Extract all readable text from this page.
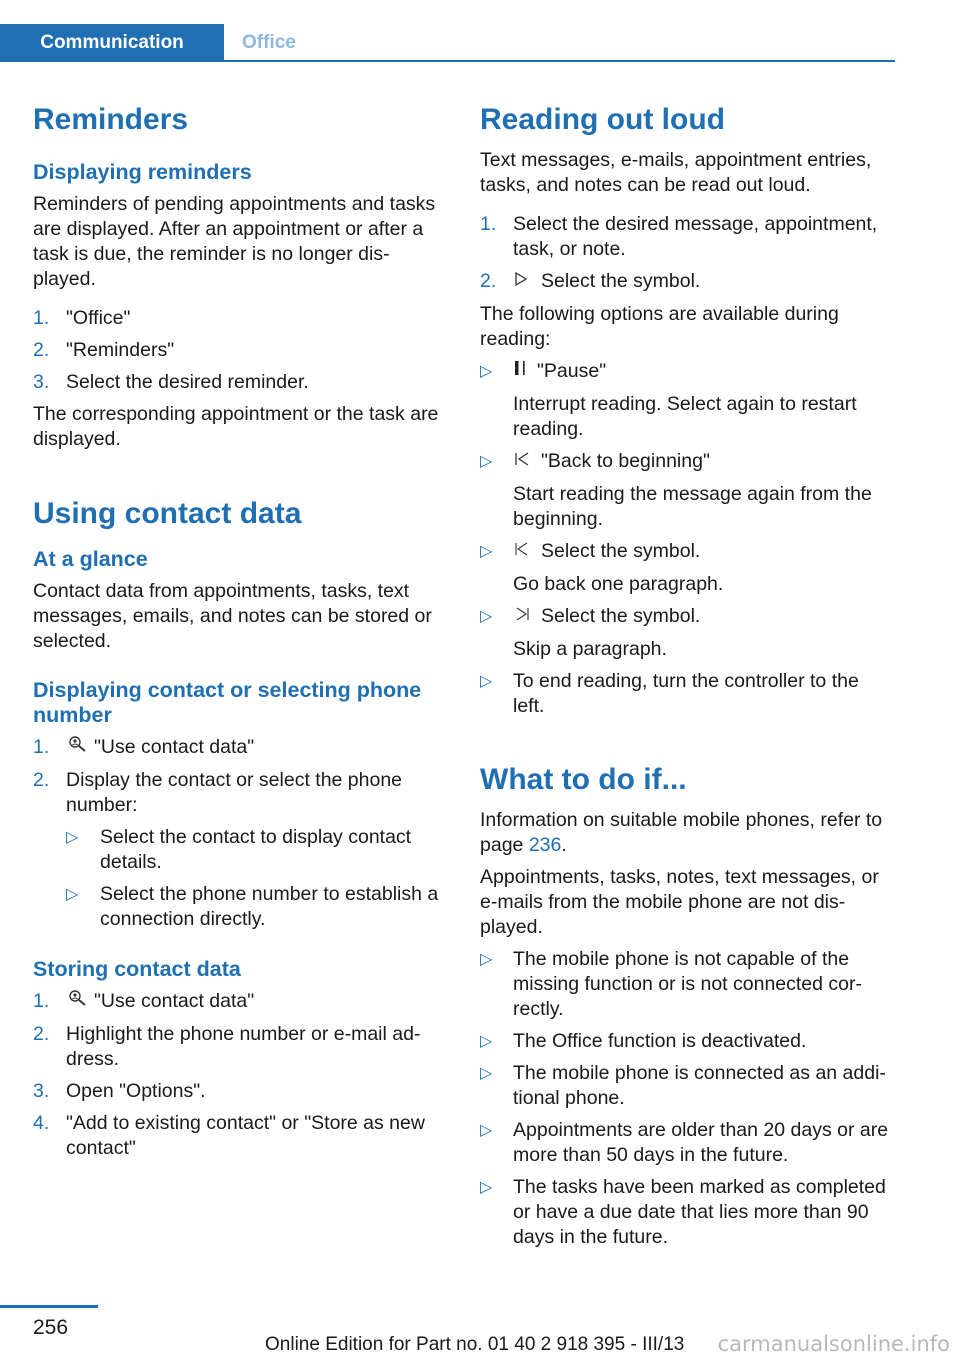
Communication	Office
Reminders
Displaying reminders

Reminders of pending appointments and tasks are displayed. After an appointment or after a task is due, the reminder is no longer dis‐played.

1. "Office"
2. "Reminders"
3. Select the desired reminder.

The corresponding appointment or the task are displayed.

Using contact data
At a glance

Contact data from appointments, tasks, text messages, emails, and notes can be stored or selected.

Displaying contact or selecting phone number
1.	"Use contact data"
2. Display the contact or select the phone number:
▷	Select the contact to display contact details.
▷	Select the phone number to establish a connection directly.
Storing contact data
1.	"Use contact data"
2. Highlight the phone number or e-mail ad‐dress.
3. Open "Options".
4. "Add to existing contact" or "Store as new contact"
Reading out loud

Text messages, e-mails, appointment entries, tasks, and notes can be read out loud.

1. Select the desired message, appointment, task, or note.
2.	Select the symbol.

The following options are available during reading:

▷	"Pause"
Interrupt reading. Select again to restart reading.
▷	"Back to beginning"
Start reading the message again from the beginning.
▷	Select the symbol.
Go back one paragraph.
▷	Select the symbol.
Skip a paragraph.
▷	To end reading, turn the controller to the left.
What to do if...

Information on suitable mobile phones, refer to page 236.

Appointments, tasks, notes, text messages, or e-mails from the mobile phone are not dis‐played.

▷	The mobile phone is not capable of the missing function or is not connected cor‐rectly.
▷	The Office function is deactivated.
▷	The mobile phone is connected as an addi‐tional phone.
▷	Appointments are older than 20 days or are more than 50 days in the future.
▷	The tasks have been marked as completed or have a due date that lies more than 90 days in the future.
256
Online Edition for Part no. 01 40 2 918 395 - III/13 carmanualsonline.info
